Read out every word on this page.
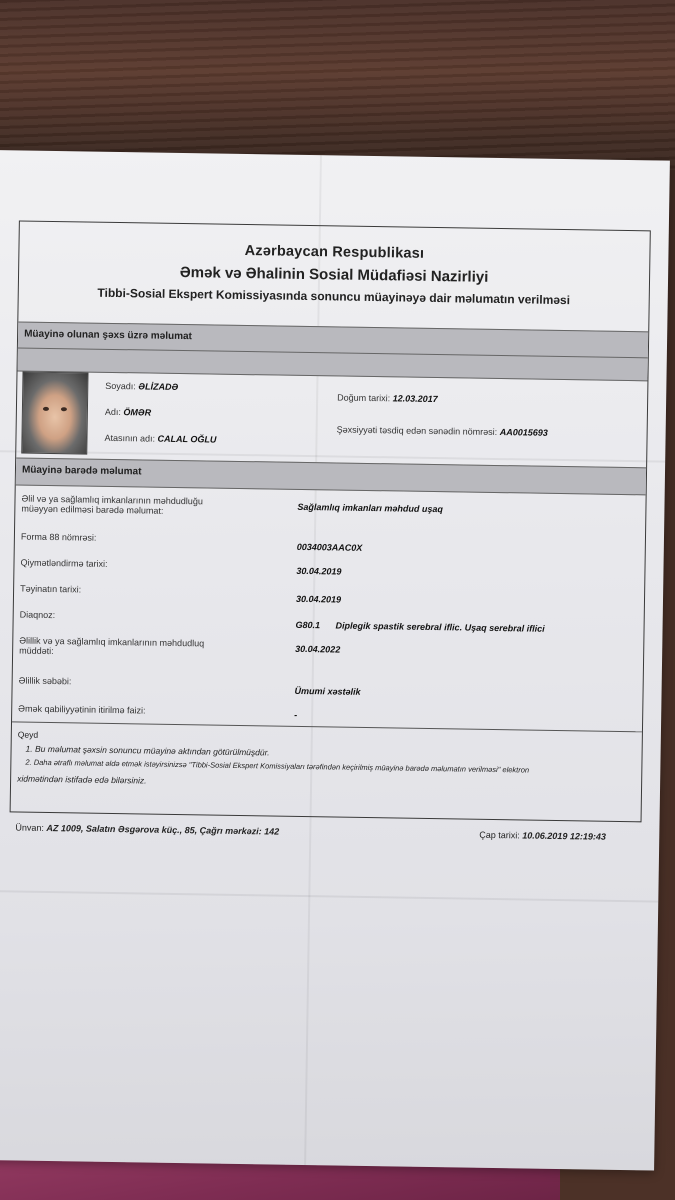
Azərbaycan Respublikası
Əmək və Əhalinin Sosial Müdafiəsi Nazirliyi
Tibbi-Sosial Ekspert Komissiyasında sonuncu müayinəyə dair məlumatın verilməsi
Müayinə olunan şəxs üzrə məlumat
Soyadı: ƏLİZADƏ
Adı: ÖMƏR
Atasının adı: CALAL OĞLU
Doğum tarixi: 12.03.2017
Şəxsiyyəti təsdiq edən sənədin nömrəsi: AA0015693
Müayinə barədə məlumat
Əlil və ya sağlamlıq imkanlarının məhdudluğu
müəyyən edilməsi barədə məlumat:	Sağlamlıq imkanları məhdud uşaq
Forma 88 nömrəsi:
0034003AAC0X
Qiymətləndirmə tarixi:
30.04.2019
Təyinatın tarixi:
30.04.2019
Diaqnoz:
G80.1 Diplegik spastik serebral iflic. Uşaq serebral iflici
Əlillik və ya sağlamlıq imkanlarının məhdudluq
müddəti:	30.04.2022
Əlillik səbəbi:
Ümumi xəstəlik
Əmək qabiliyyətinin itirilmə faizi:	-
Qeyd
1. Bu məlumat şəxsin sonuncu müayinə aktından götürülmüşdür.
2. Daha ətraflı məlumat əldə etmək istəyirsinizsə "Tibbi-Sosial Ekspert Komissiyaları tərəfindən keçirilmiş müayinə barədə məlumatın verilməsi" elektron
xidmətindən istifadə edə bilərsiniz.
Ünvan: AZ 1009, Salatın Əsgərova küç., 85, Çağrı mərkəzi: 142	Çap tarixi: 10.06.2019 12:19:43
